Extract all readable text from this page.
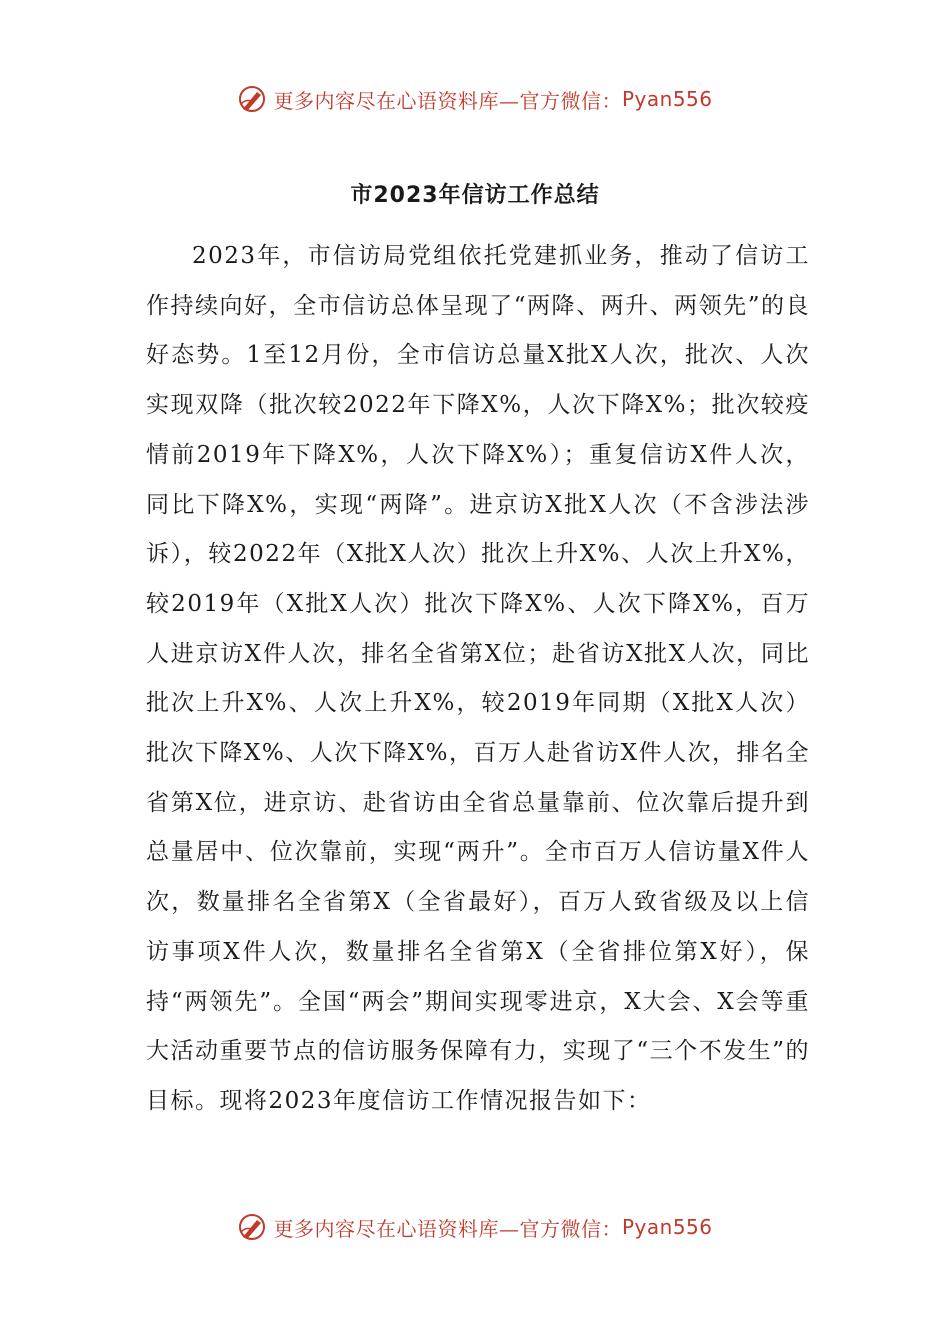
更多内容尽在心语资料库—官方微信： Pyan556
市2023年信访工作总结

2023年，市信访局党组依托党建抓业务，推动了信访工作持续向好，全市信访总体呈现了“两降、两升、两领先”的良好态势。1至12月份，全市信访总量X批X人次，批次、人次实现双降（批次较2022年下降X%，人次下降X%；批次较疫情前2019年下降X%，人次下降X%）；重复信访X件人次，同比下降X%，实现“两降”。进京访X批X人次（不含涉法涉诉），较2022年（X批X人次）批次上升X%、人次上升X%，较2019年（X批X人次）批次下降X%、人次下降X%，百万人进京访X件人次，排名全省第X位；赴省访X批X人次，同比批次上升X%、人次上升X%，较2019年同期（X批X人次）批次下降X%、人次下降X%，百万人赴省访X件人次，排名全省第X位，进京访、赴省访由全省总量靠前、位次靠后提升到总量居中、位次靠前，实现“两升”。全市百万人信访量X件人次，数量排名全省第X（全省最好），百万人致省级及以上信访事项X件人次，数量排名全省第X（全省排位第X好），保持“两领先”。全国“两会”期间实现零进京，X大会、X会等重大活动重要节点的信访服务保障有力，实现了“三个不发生”的目标。现将2023年度信访工作情况报告如下：

更多内容尽在心语资料库—官方微信： Pyan556
